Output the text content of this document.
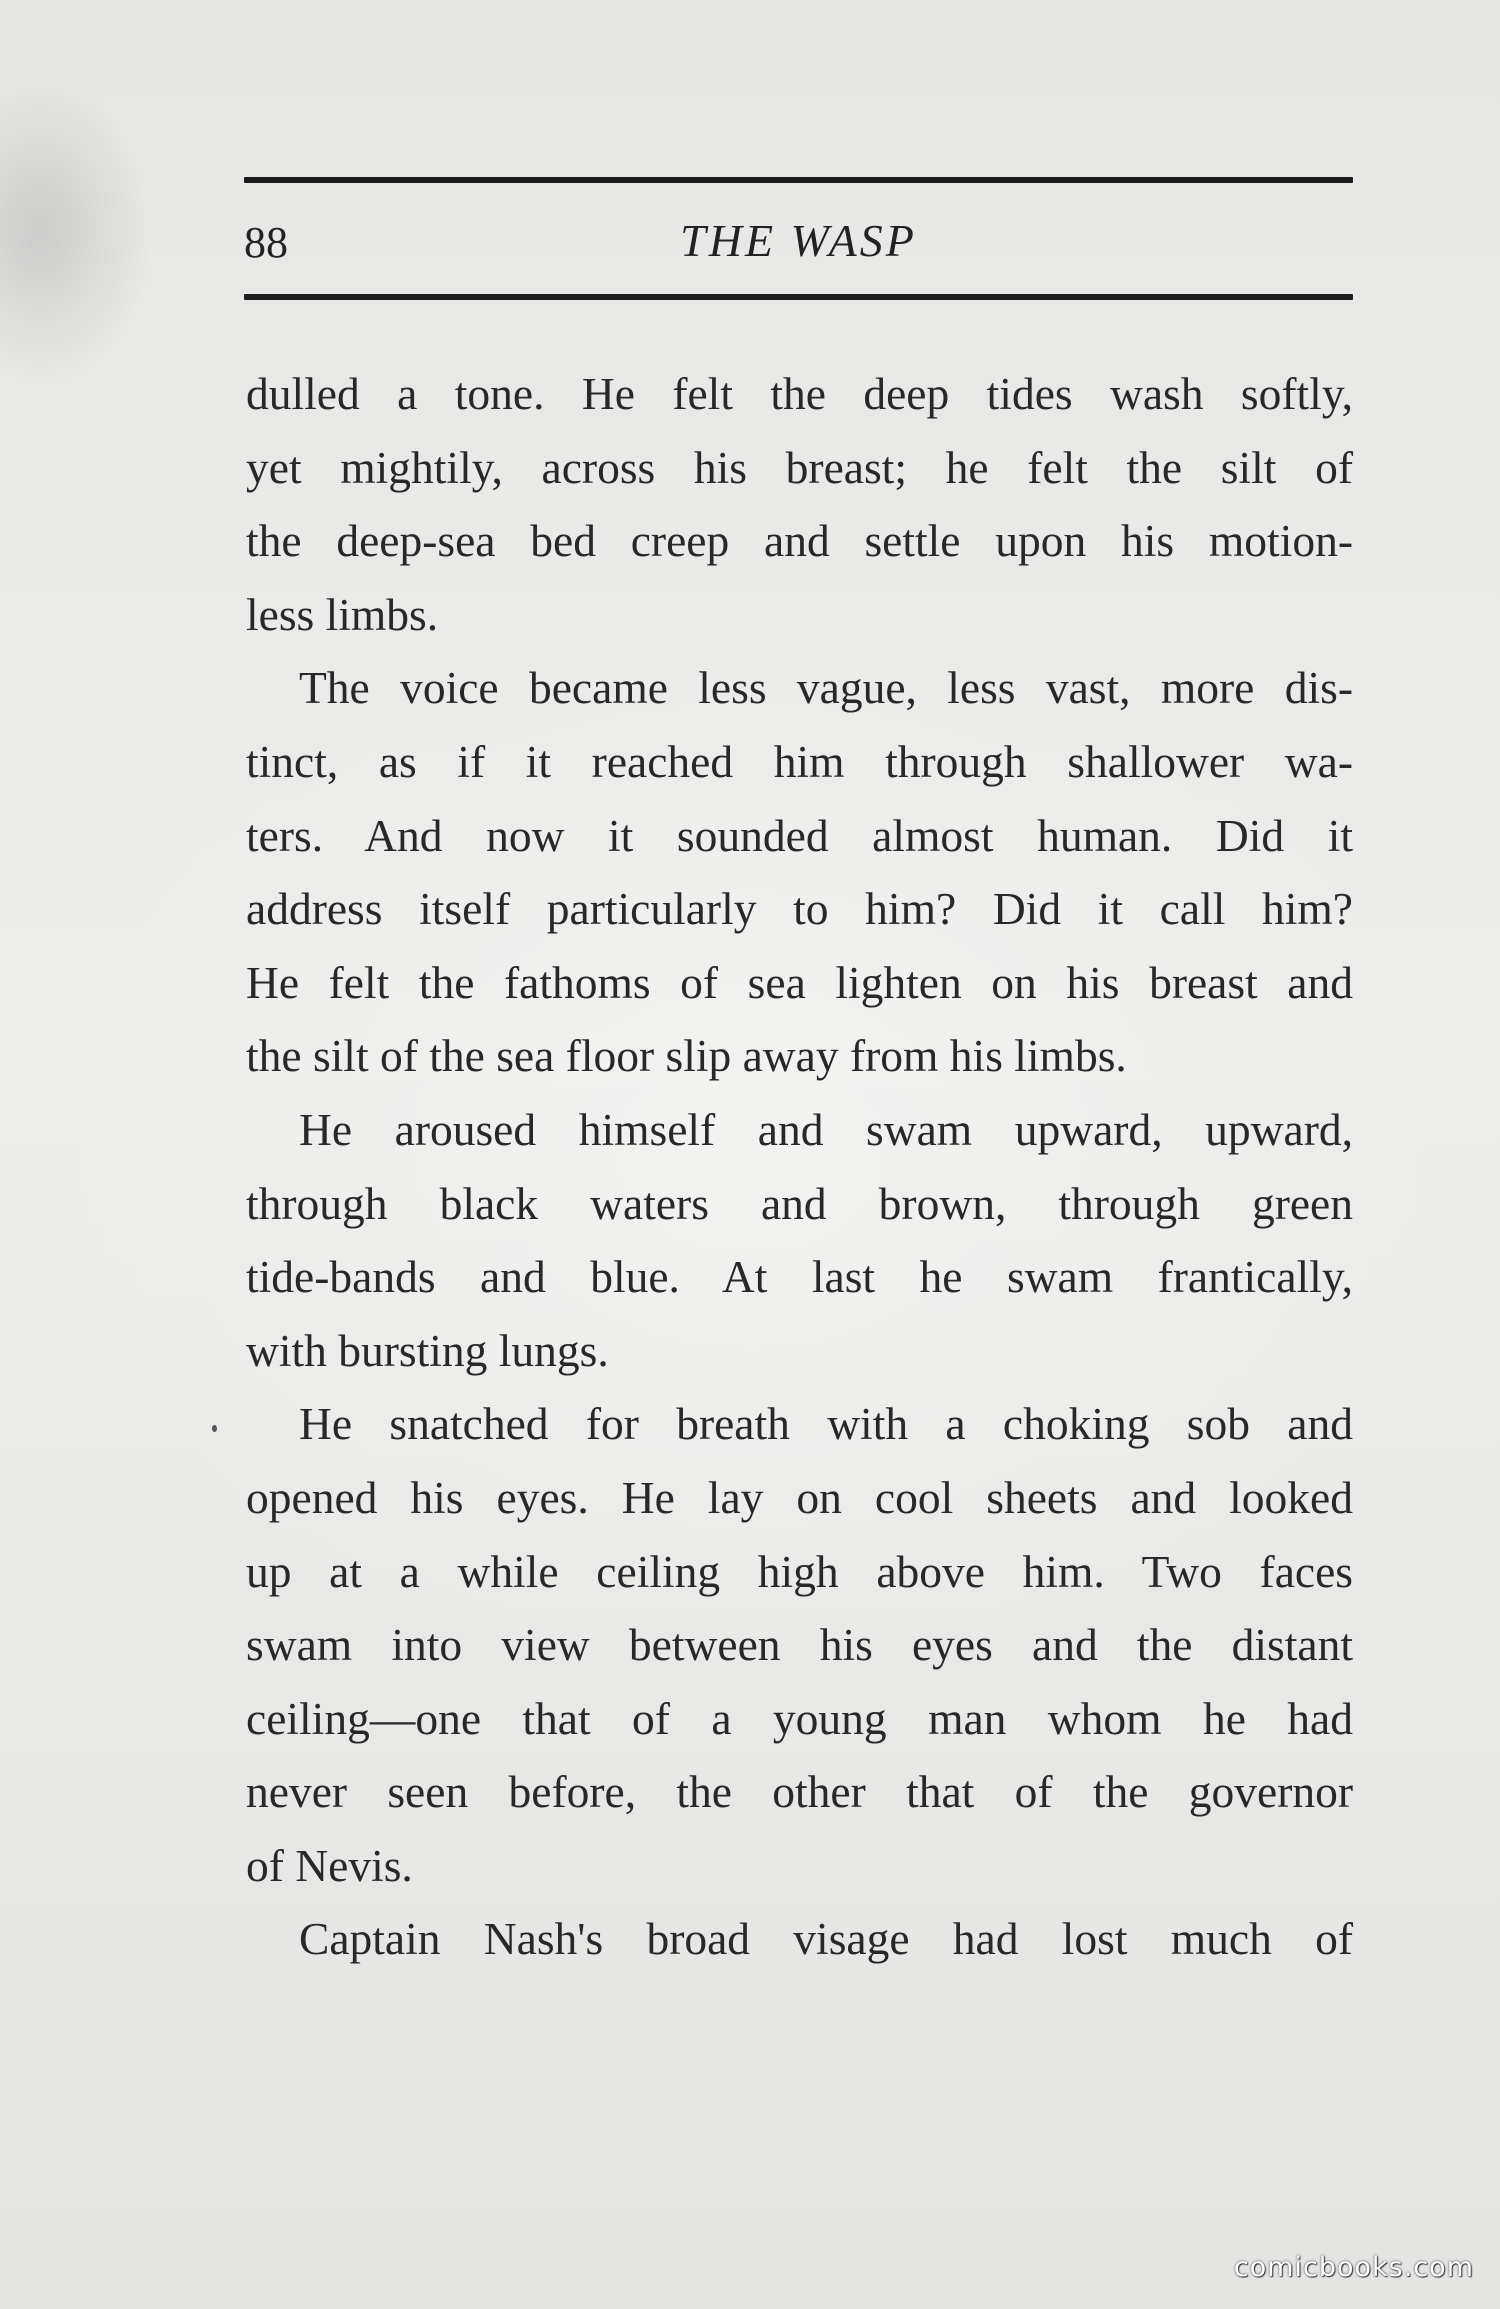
88	THE WASP
dulled a tone. He felt the deep tides wash softly,
yet mightily, across his breast; he felt the silt of
the deep-sea bed creep and settle upon his motion-
less limbs.
The voice became less vague, less vast, more dis-
tinct, as if it reached him through shallower wa-
ters. And now it sounded almost human. Did it
address itself particularly to him? Did it call him?
He felt the fathoms of sea lighten on his breast and
the silt of the sea floor slip away from his limbs.
He aroused himself and swam upward, upward,
through black waters and brown, through green
tide-bands and blue. At last he swam frantically,
with bursting lungs.
He snatched for breath with a choking sob and
opened his eyes. He lay on cool sheets and looked
up at a while ceiling high above him. Two faces
swam into view between his eyes and the distant
ceiling—one that of a young man whom he had
never seen before, the other that of the governor
of Nevis.
Captain Nash's broad visage had lost much of
comicbooks.com
